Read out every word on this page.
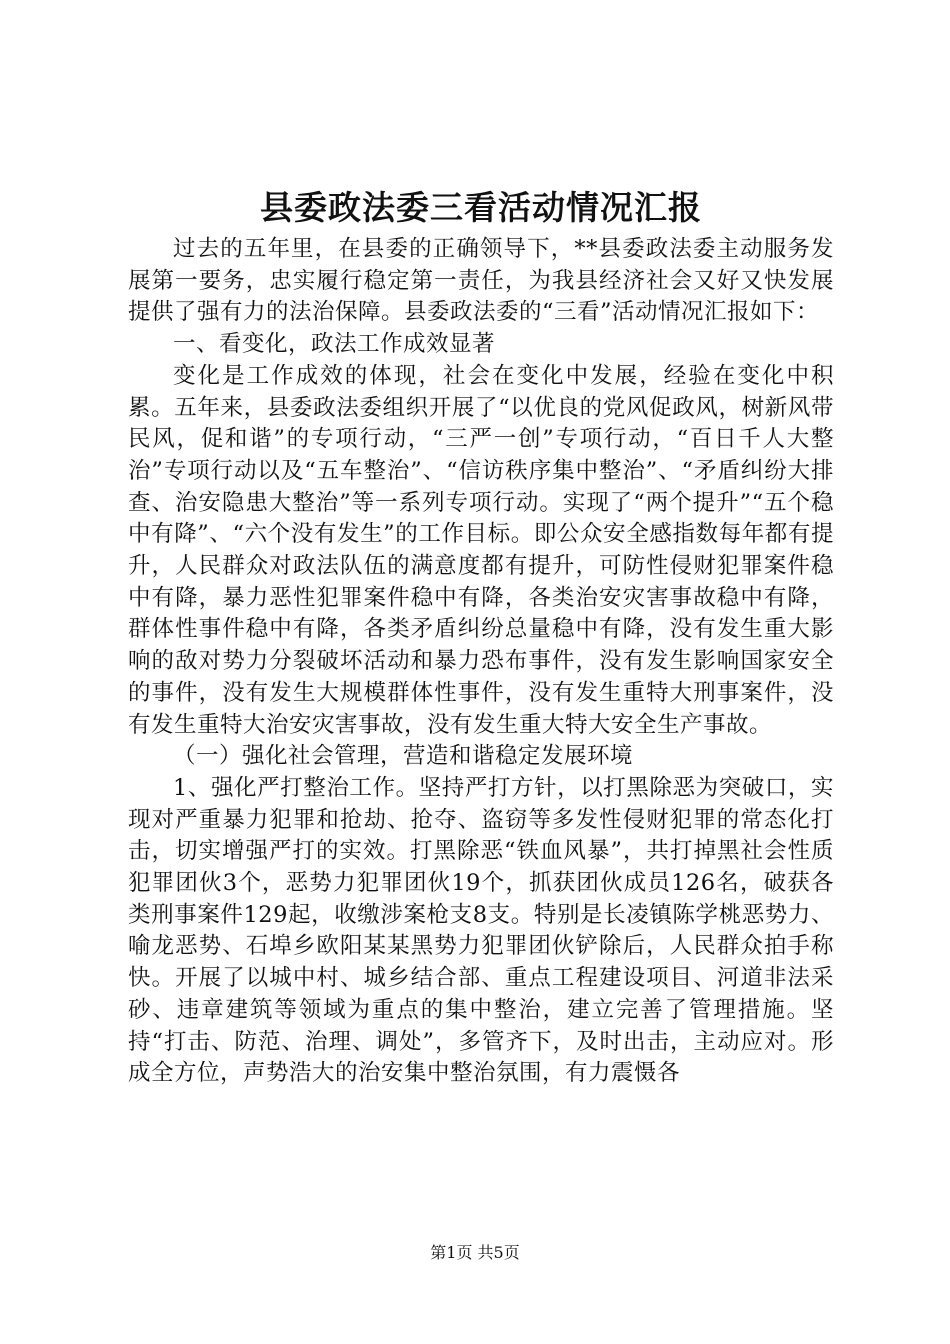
县委政法委三看活动情况汇报

过去的五年里，在县委的正确领导下，**县委政法委主动服务发展第一要务，忠实履行稳定第一责任，为我县经济社会又好又快发展提供了强有力的法治保障。县委政法委的“三看”活动情况汇报如下：

一、看变化，政法工作成效显著

变化是工作成效的体现，社会在变化中发展，经验在变化中积累。五年来，县委政法委组织开展了“以优良的党风促政风，树新风带民风，促和谐”的专项行动，“三严一创”专项行动，“百日千人大整治”专项行动以及“五车整治”、“信访秩序集中整治”、“矛盾纠纷大排查、治安隐患大整治”等一系列专项行动。实现了“两个提升”“五个稳中有降”、“六个没有发生”的工作目标。即公众安全感指数每年都有提升，人民群众对政法队伍的满意度都有提升，可防性侵财犯罪案件稳中有降，暴力恶性犯罪案件稳中有降，各类治安灾害事故稳中有降，群体性事件稳中有降，各类矛盾纠纷总量稳中有降，没有发生重大影响的敌对势力分裂破坏活动和暴力恐布事件，没有发生影响国家安全的事件，没有发生大规模群体性事件，没有发生重特大刑事案件，没有发生重特大治安灾害事故，没有发生重大特大安全生产事故。

（一）强化社会管理，营造和谐稳定发展环境

1、强化严打整治工作。坚持严打方针，以打黑除恶为突破口，实现对严重暴力犯罪和抢劫、抢夺、盗窃等多发性侵财犯罪的常态化打击，切实增强严打的实效。打黑除恶“铁血风暴”，共打掉黑社会性质犯罪团伙3个，恶势力犯罪团伙19个，抓获团伙成员126名，破获各类刑事案件129起，收缴涉案枪支8支。特别是长凌镇陈学桃恶势力、喻龙恶势、石埠乡欧阳某某黑势力犯罪团伙铲除后，人民群众拍手称快。开展了以城中村、城乡结合部、重点工程建设项目、河道非法采砂、违章建筑等领域为重点的集中整治，建立完善了管理措施。坚持“打击、防范、治理、调处”，多管齐下，及时出击，主动应对。形成全方位，声势浩大的治安集中整治氛围，有力震慑各

第1页 共5页
